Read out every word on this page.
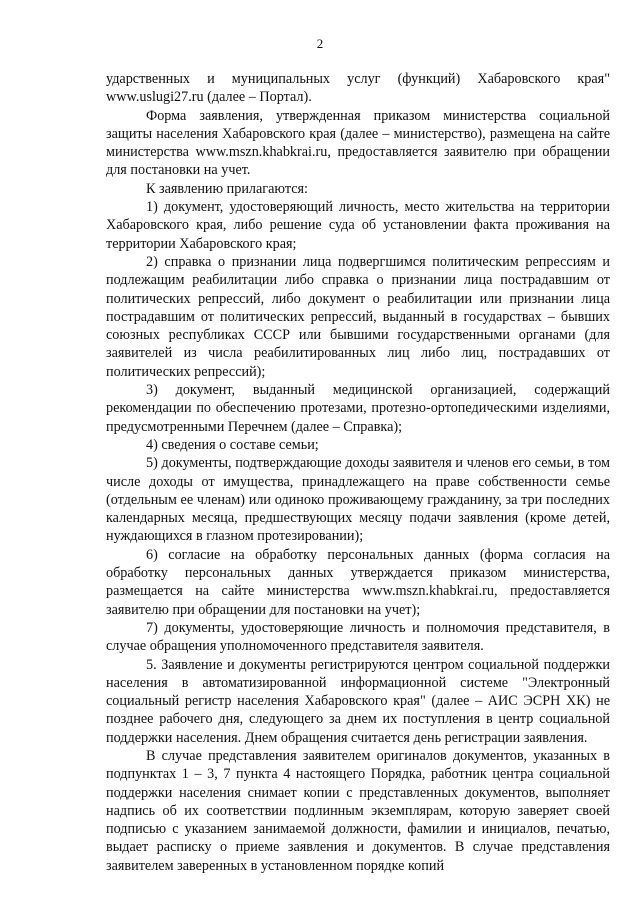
2

ударственных и муниципальных услуг (функций) Хабаровского края" www.uslugi27.ru (далее – Портал).

Форма заявления, утвержденная приказом министерства социальной защиты населения Хабаровского края (далее – министерство), размещена на сайте министерства www.mszn.khabkrai.ru, предоставляется заявителю при обращении для постановки на учет.

К заявлению прилагаются:

1) документ, удостоверяющий личность, место жительства на территории Хабаровского края, либо решение суда об установлении факта проживания на территории Хабаровского края;

2) справка о признании лица подвергшимся политическим репрессиям и подлежащим реабилитации либо справка о признании лица пострадавшим от политических репрессий, либо документ о реабилитации или признании лица пострадавшим от политических репрессий, выданный в государствах – бывших союзных республиках СССР или бывшими государственными органами (для заявителей из числа реабилитированных лиц либо лиц, пострадавших от политических репрессий);

3) документ, выданный медицинской организацией, содержащий рекомендации по обеспечению протезами, протезно-ортопедическими изделиями, предусмотренными Перечнем (далее – Справка);

4) сведения о составе семьи;

5) документы, подтверждающие доходы заявителя и членов его семьи, в том числе доходы от имущества, принадлежащего на праве собственности семье (отдельным ее членам) или одиноко проживающему гражданину, за три последних календарных месяца, предшествующих месяцу подачи заявления (кроме детей, нуждающихся в глазном протезировании);

6) согласие на обработку персональных данных (форма согласия на обработку персональных данных утверждается приказом министерства, размещается на сайте министерства www.mszn.khabkrai.ru, предоставляется заявителю при обращении для постановки на учет);

7) документы, удостоверяющие личность и полномочия представителя, в случае обращения уполномоченного представителя заявителя.

5. Заявление и документы регистрируются центром социальной поддержки населения в автоматизированной информационной системе "Электронный социальный регистр населения Хабаровского края" (далее – АИС ЭСРН ХК) не позднее рабочего дня, следующего за днем их поступления в центр социальной поддержки населения. Днем обращения считается день регистрации заявления.

В случае представления заявителем оригиналов документов, указанных в подпунктах 1 – 3, 7 пункта 4 настоящего Порядка, работник центра социальной поддержки населения снимает копии с представленных документов, выполняет надпись об их соответствии подлинным экземплярам, которую заверяет своей подписью с указанием занимаемой должности, фамилии и инициалов, печатью, выдает расписку о приеме заявления и документов. В случае представления заявителем заверенных в установленном порядке копий
